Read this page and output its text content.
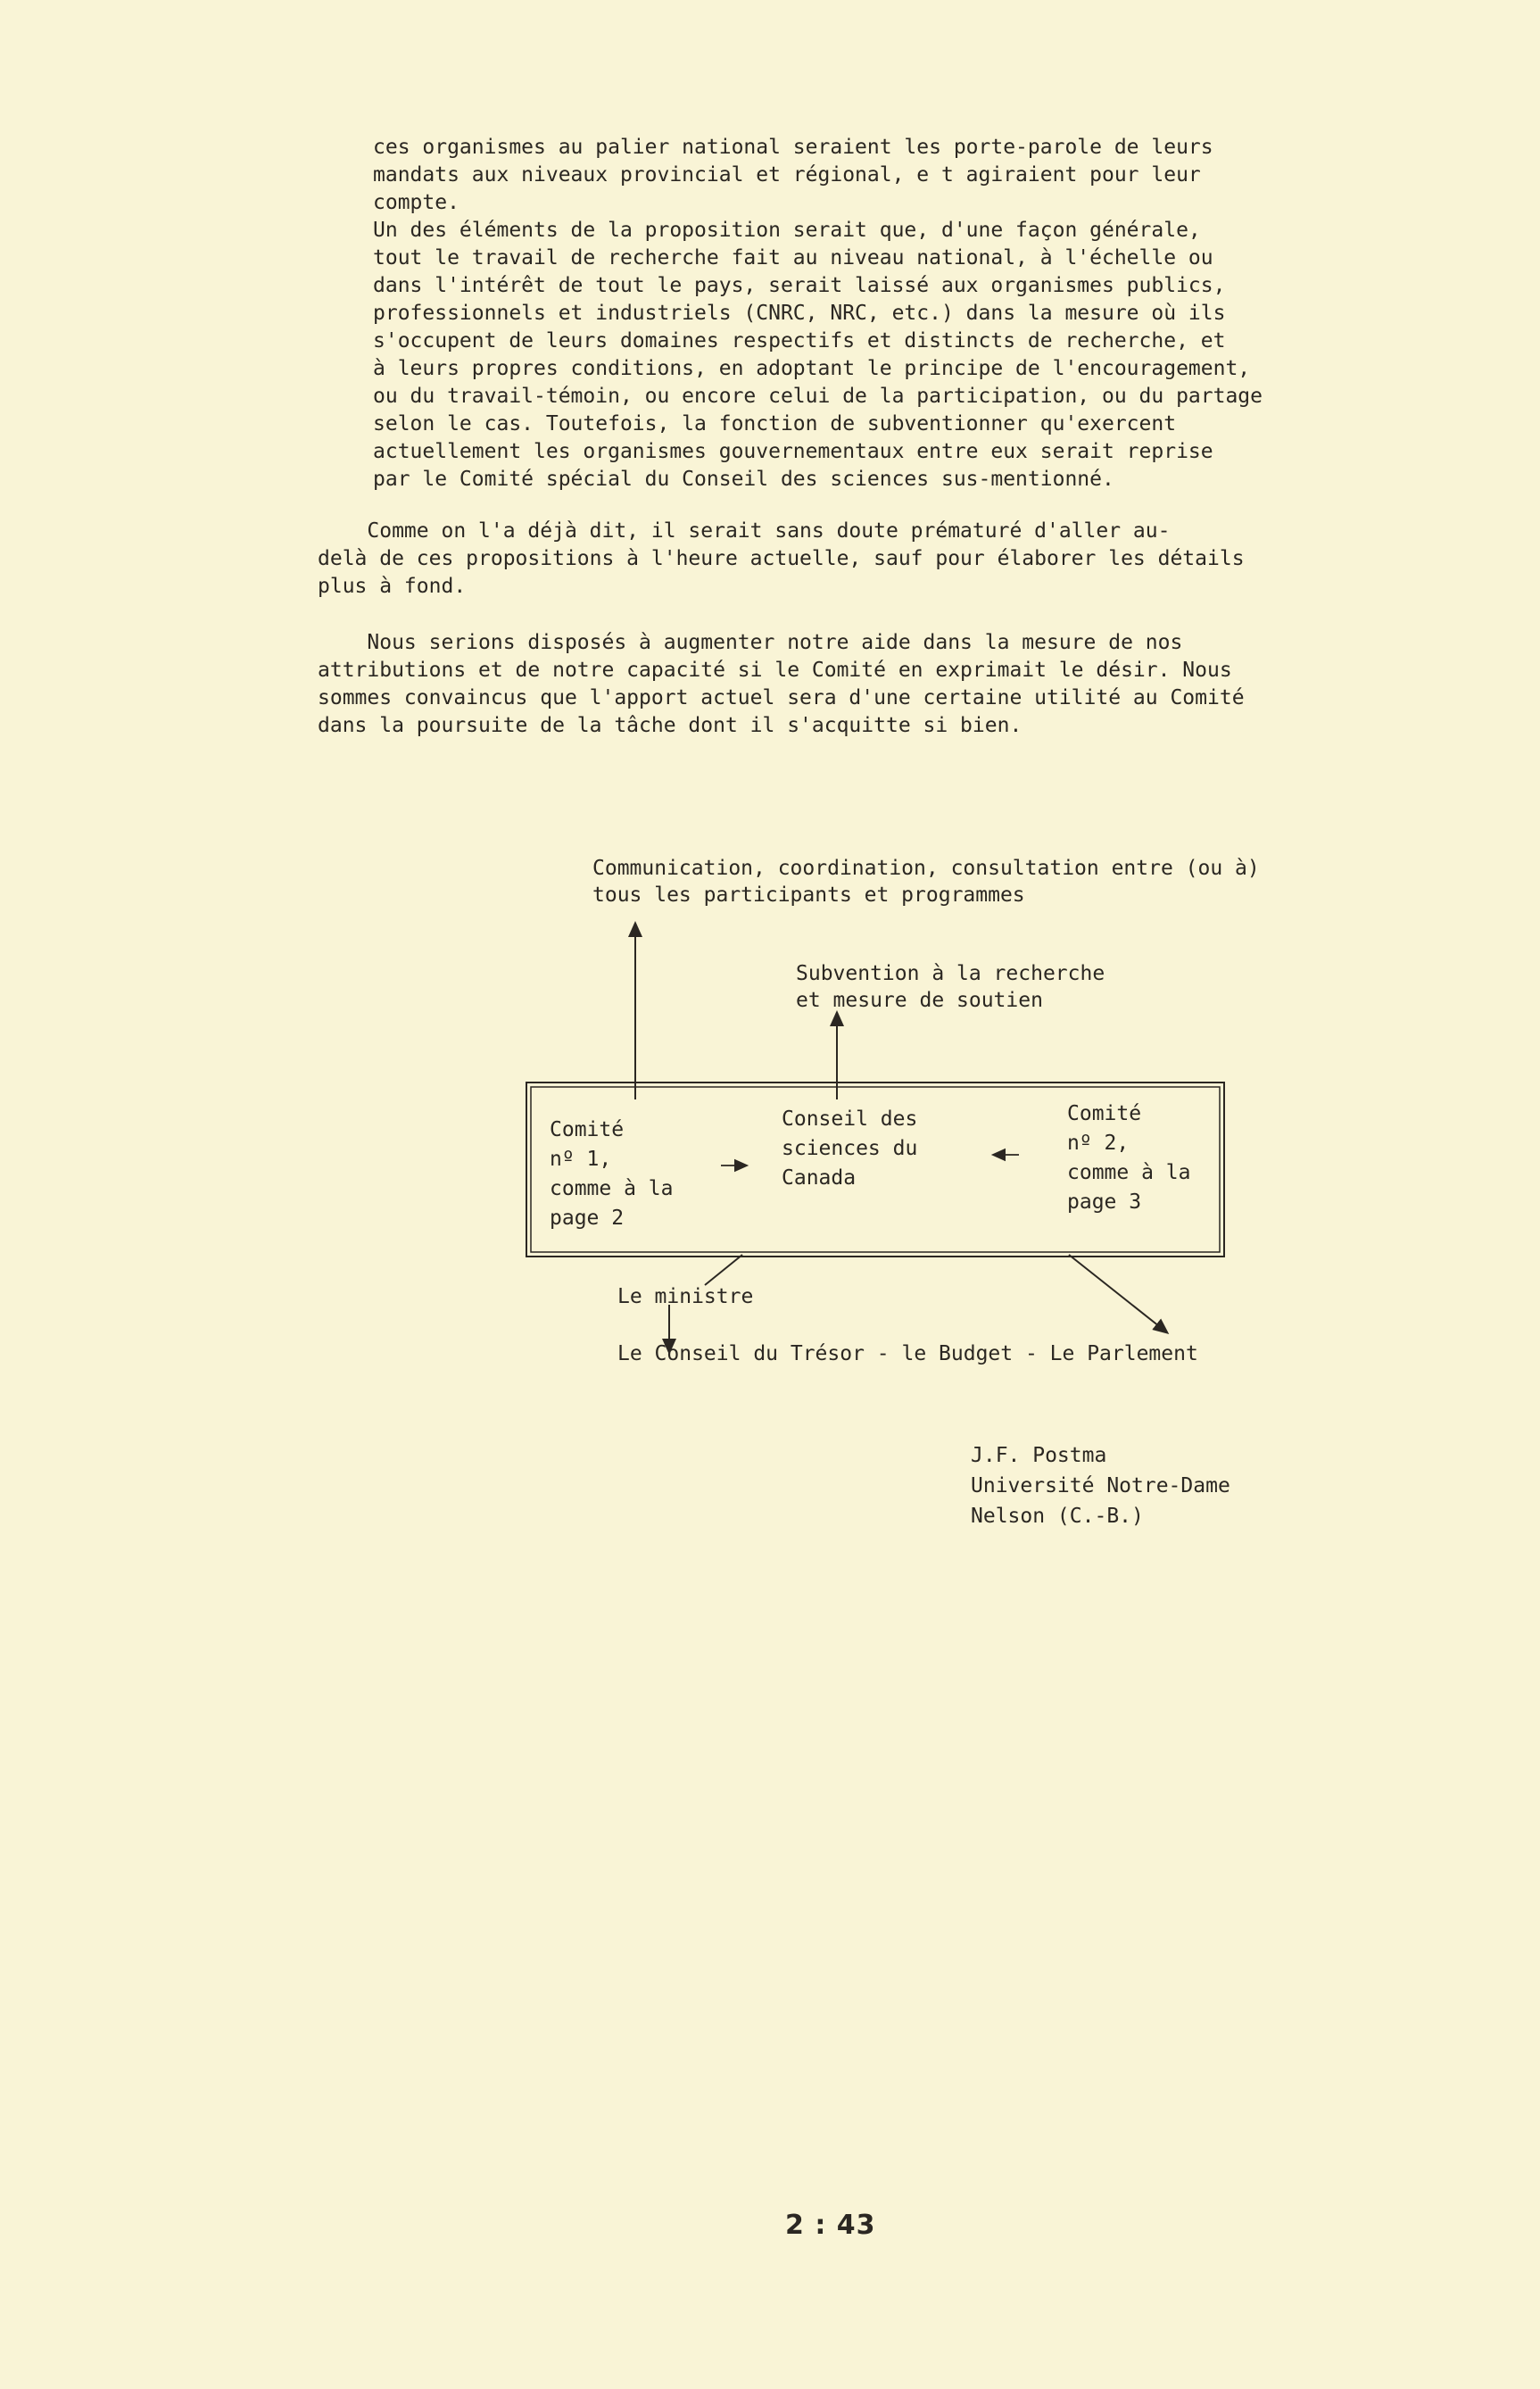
ces organismes au palier national seraient les porte-parole de leurs
mandats aux niveaux provincial et régional, e t agiraient pour leur
compte.
Un des éléments de la proposition serait que, d'une façon générale,
tout le travail de recherche fait au niveau national, à l'échelle ou
dans l'intérêt de tout le pays, serait laissé aux organismes publics,
professionnels et industriels (CNRC, NRC, etc.) dans la mesure où ils
s'occupent de leurs domaines respectifs et distincts de recherche, et
à leurs propres conditions, en adoptant le principe de l'encouragement,
ou du travail-témoin, ou encore celui de la participation, ou du partage
selon le cas. Toutefois, la fonction de subventionner qu'exercent
actuellement les organismes gouvernementaux entre eux serait reprise
par le Comité spécial du Conseil des sciences sus-mentionné.
Comme on l'a déjà dit, il serait sans doute prématuré d'aller au-
delà de ces propositions à l'heure actuelle, sauf pour élaborer les détails
plus à fond.
Nous serions disposés à augmenter notre aide dans la mesure de nos
attributions et de notre capacité si le Comité en exprimait le désir. Nous
sommes convaincus que l'apport actuel sera d'une certaine utilité au Comité
dans la poursuite de la tâche dont il s'acquitte si bien.
Communication, coordination, consultation entre (ou à)
tous les participants et programmes
Subvention à la recherche
et mesure de soutien
Comité
nº 1,
comme à la
page 2
Conseil des
sciences du
Canada
Comité
nº 2,
comme à la
page 3
Le ministre
Le Conseil du Trésor - le Budget - Le Parlement
J.F. Postma
Université Notre-Dame
Nelson (C.-B.)
2 : 43
